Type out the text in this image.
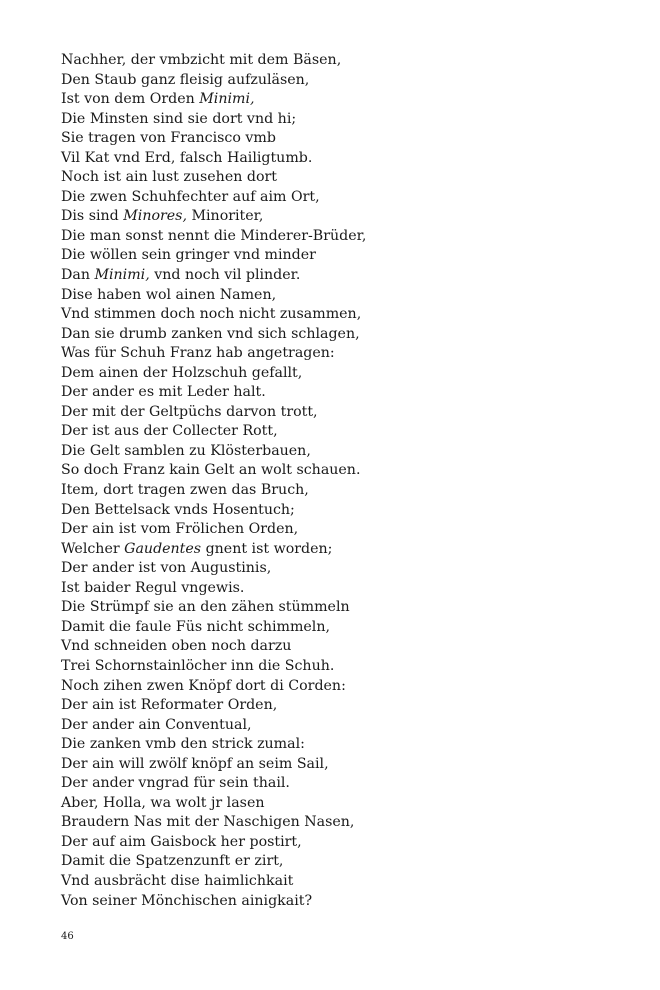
Nachher, der vmbzicht mit dem Bäsen,
Den Staub ganz fleisig aufzuläsen,
Ist von dem Orden Minimi,
Die Minsten sind sie dort vnd hi;
Sie tragen von Francisco vmb
Vil Kat vnd Erd, falsch Hailigtumb.
Noch ist ain lust zusehen dort
Die zwen Schuhfechter auf aim Ort,
Dis sind Minores, Minoriter,
Die man sonst nennt die Minderer-Brüder,
Die wöllen sein gringer vnd minder
Dan Minimi, vnd noch vil plinder.
Dise haben wol ainen Namen,
Vnd stimmen doch noch nicht zusammen,
Dan sie drumb zanken vnd sich schlagen,
Was für Schuh Franz hab angetragen:
Dem ainen der Holzschuh gefallt,
Der ander es mit Leder halt.
Der mit der Geltpüchs darvon trott,
Der ist aus der Collecter Rott,
Die Gelt samblen zu Klösterbauen,
So doch Franz kain Gelt an wolt schauen.
Item, dort tragen zwen das Bruch,
Den Bettelsack vnds Hosentuch;
Der ain ist vom Frölichen Orden,
Welcher Gaudentes gnent ist worden;
Der ander ist von Augustinis,
Ist baider Regul vngewis.
Die Strümpf sie an den zähen stümmeln
Damit die faule Füs nicht schimmeln,
Vnd schneiden oben noch darzu
Trei Schornstainlöcher inn die Schuh.
Noch zihen zwen Knöpf dort di Corden:
Der ain ist Reformater Orden,
Der ander ain Conventual,
Die zanken vmb den strick zumal:
Der ain will zwölf knöpf an seim Sail,
Der ander vngrad für sein thail.
Aber, Holla, wa wolt jr lasen
Braudern Nas mit der Naschigen Nasen,
Der auf aim Gaisbock her postirt,
Damit die Spatzenzunft er zirt,
Vnd ausbrächt dise haimlichkait
Von seiner Mönchischen ainigkait?
46
